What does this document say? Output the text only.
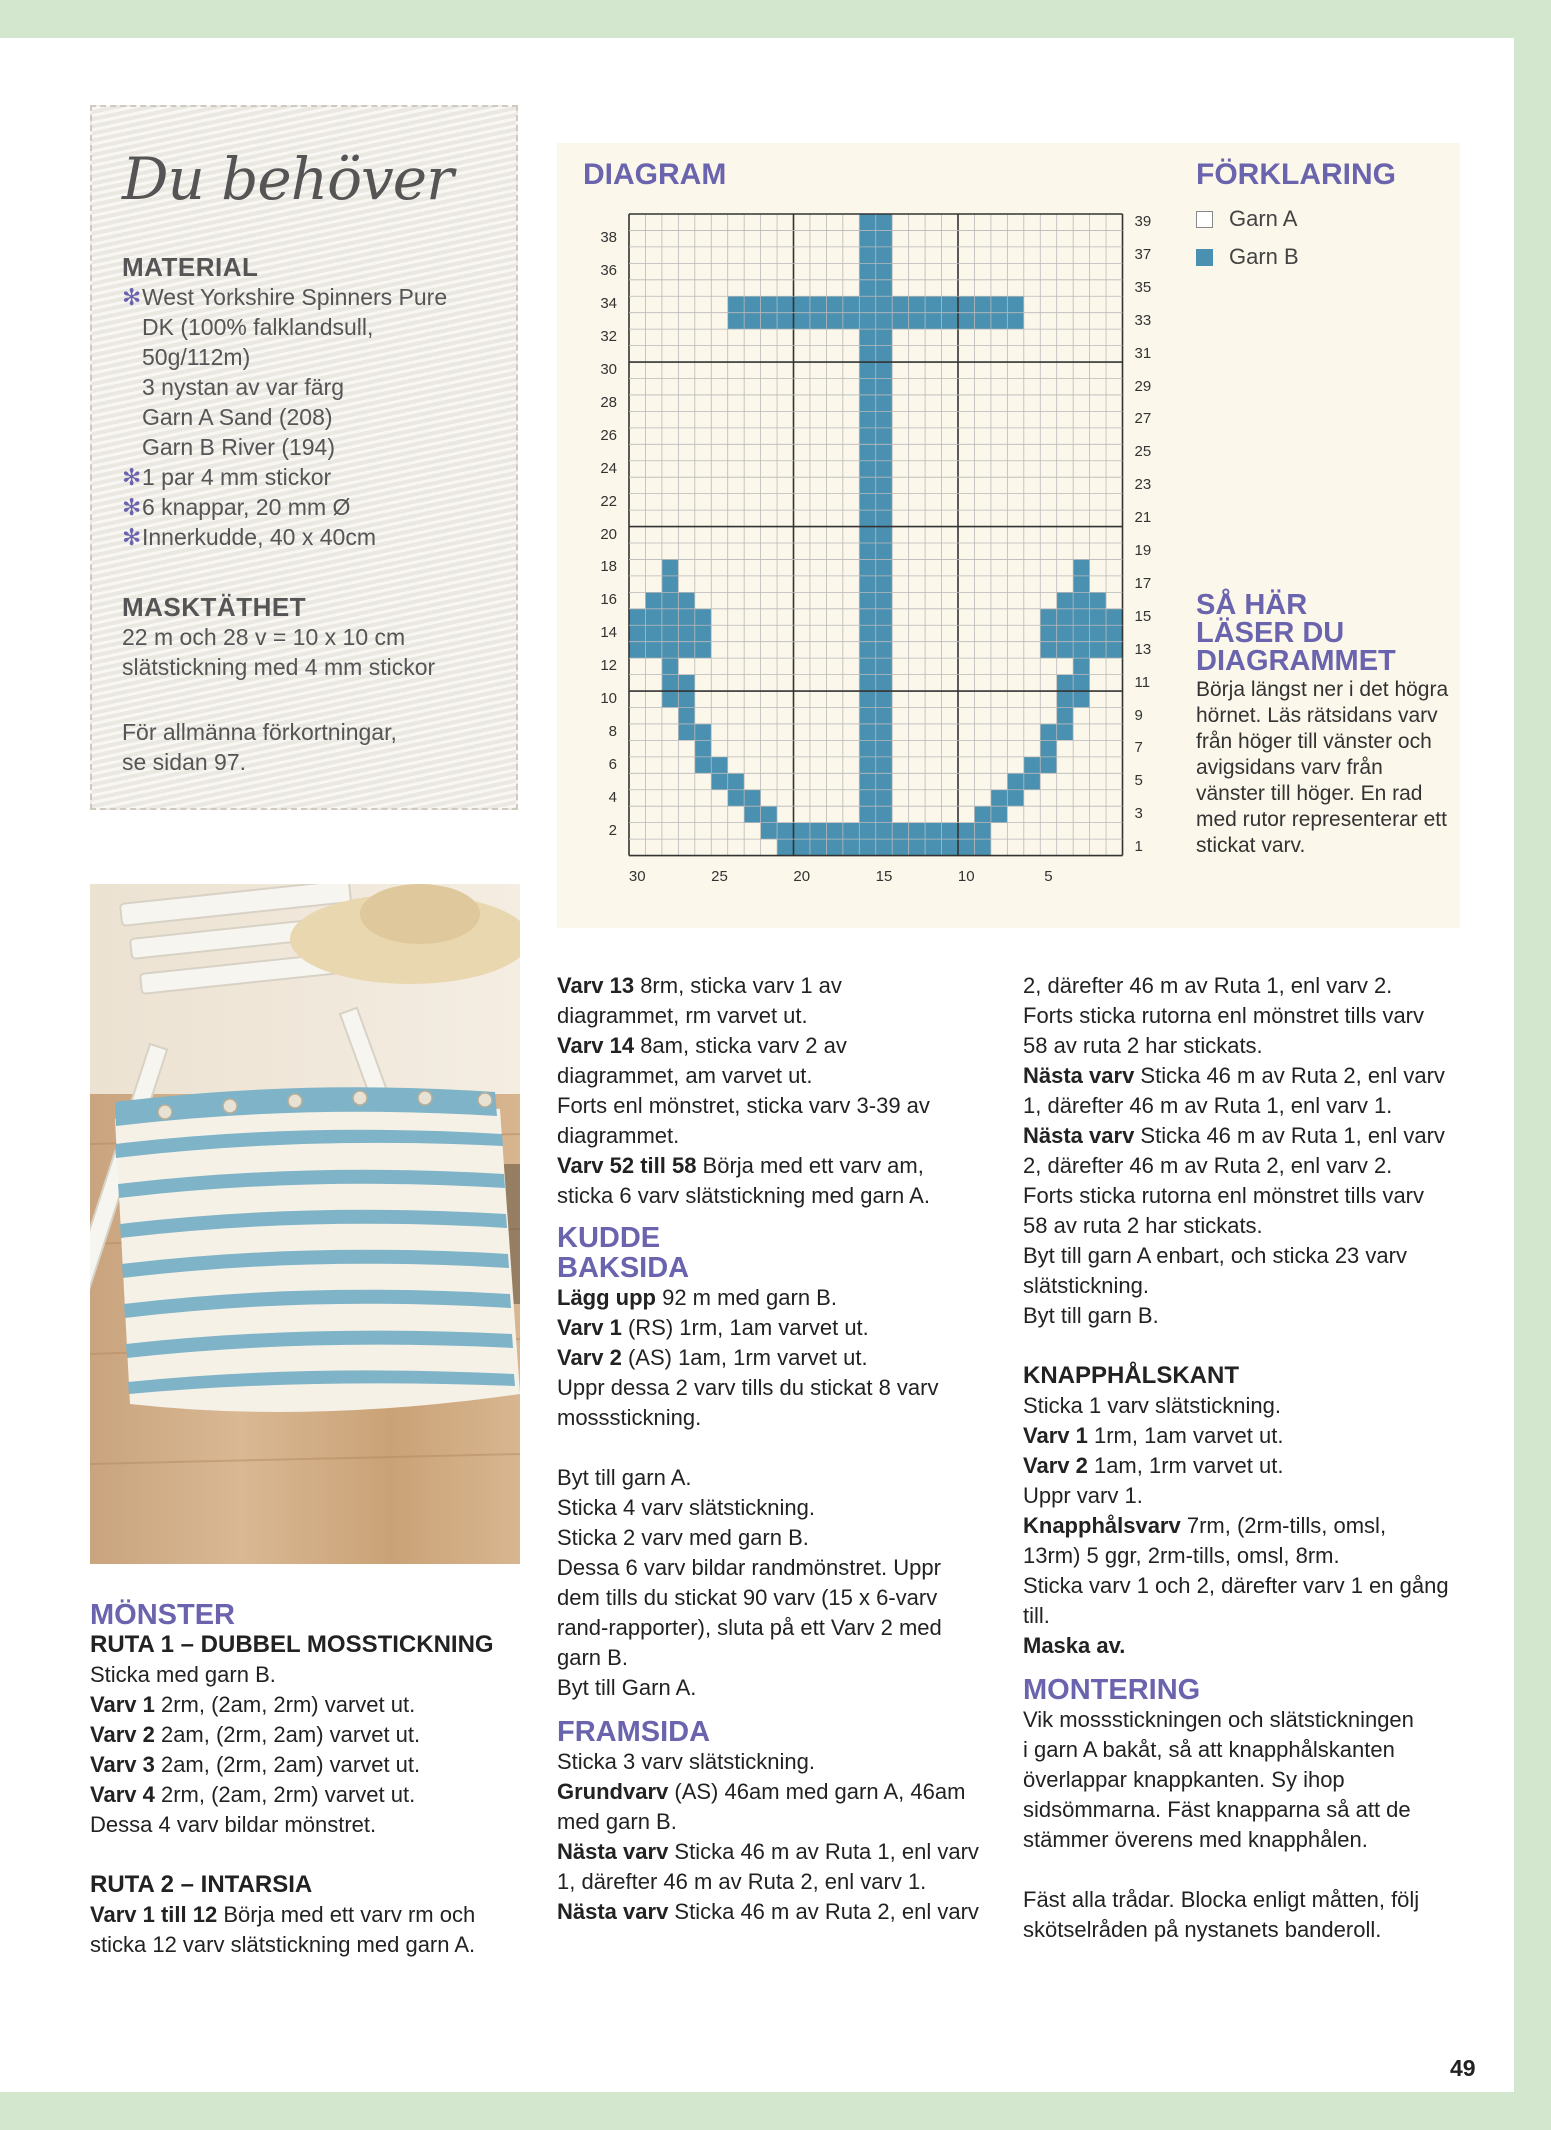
Du behöver

MATERIAL

✻ West Yorkshire Spinners Pure
DK (100% falklandsull,
50g/112m)
3 nystan av var färg
Garn A Sand (208)
Garn B River (194)
✻ 1 par 4 mm stickor
✻ 6 knappar, 20 mm Ø
✻ Innerkudde, 40 x 40cm

MASKTÄTHET

22 m och 28 v = 10 x 10 cm
slätstickning med 4 mm stickor
För allmänna förkortningar,
se sidan 97.
DIAGRAM	FÖRKLARING
38
36
34
32
30
28
26
24
22
20
18
16
14
12
10
8
6
4
2
39
37
35
33
31
29
27
25
23
21
19
17
15
13
11
9
7
5
3
1
30	25	20	15	10	5
Garn A
Garn B
SÅ HÄR
LÄSER DU
DIAGRAMMET
Börja längst ner i det högra hörnet. Läs rätsidans varv från höger till vänster och avigsidans varv från vänster till höger. En rad med rutor representerar ett stickat varv.

MÖNSTER

RUTA 1 – DUBBEL MOSSTICKNING

Sticka med garn B.

Varv 1 2rm, (2am, 2rm) varvet ut.

Varv 2 2am, (2rm, 2am) varvet ut.

Varv 3 2am, (2rm, 2am) varvet ut.

Varv 4 2rm, (2am, 2rm) varvet ut.

Dessa 4 varv bildar mönstret.

RUTA 2 – INTARSIA

Varv 1 till 12 Börja med ett varv rm och

sticka 12 varv slätstickning med garn A.

Varv 13 8rm, sticka varv 1 av

diagrammet, rm varvet ut.

Varv 14 8am, sticka varv 2 av

diagrammet, am varvet ut.

Forts enl mönstret, sticka varv 3-39 av

diagrammet.

Varv 52 till 58 Börja med ett varv am,

sticka 6 varv slätstickning med garn A.

KUDDE
BAKSIDA

Lägg upp 92 m med garn B.

Varv 1 (RS) 1rm, 1am varvet ut.

Varv 2 (AS) 1am, 1rm varvet ut.

Uppr dessa 2 varv tills du stickat 8 varv

mossstickning.

Byt till garn A.

Sticka 4 varv slätstickning.

Sticka 2 varv med garn B.

Dessa 6 varv bildar randmönstret. Uppr

dem tills du stickat 90 varv (15 x 6-varv

rand-rapporter), sluta på ett Varv 2 med

garn B.

Byt till Garn A.

FRAMSIDA

Sticka 3 varv slätstickning.

Grundvarv (AS) 46am med garn A, 46am

med garn B.

Nästa varv Sticka 46 m av Ruta 1, enl varv

1, därefter 46 m av Ruta 2, enl varv 1.

Nästa varv Sticka 46 m av Ruta 2, enl varv

2, därefter 46 m av Ruta 1, enl varv 2.

Forts sticka rutorna enl mönstret tills varv

58 av ruta 2 har stickats.

Nästa varv Sticka 46 m av Ruta 2, enl varv

1, därefter 46 m av Ruta 1, enl varv 1.

Nästa varv Sticka 46 m av Ruta 1, enl varv

2, därefter 46 m av Ruta 2, enl varv 2.

Forts sticka rutorna enl mönstret tills varv

58 av ruta 2 har stickats.

Byt till garn A enbart, och sticka 23 varv

slätstickning.

Byt till garn B.

KNAPPHÅLSKANT

Sticka 1 varv slätstickning.

Varv 1 1rm, 1am varvet ut.

Varv 2 1am, 1rm varvet ut.

Uppr varv 1.

Knapphålsvarv 7rm, (2rm-tills, omsl,

13rm) 5 ggr, 2rm-tills, omsl, 8rm.

Sticka varv 1 och 2, därefter varv 1 en gång

till.

Maska av.

MONTERING

Vik mossstickningen och slätstickningen

i garn A bakåt, så att knapphålskanten

överlappar knappkanten. Sy ihop

sidsömmarna. Fäst knapparna så att de

stämmer överens med knapphålen.

Fäst alla trådar. Blocka enligt måtten, följ

skötselråden på nystanets banderoll.

49
